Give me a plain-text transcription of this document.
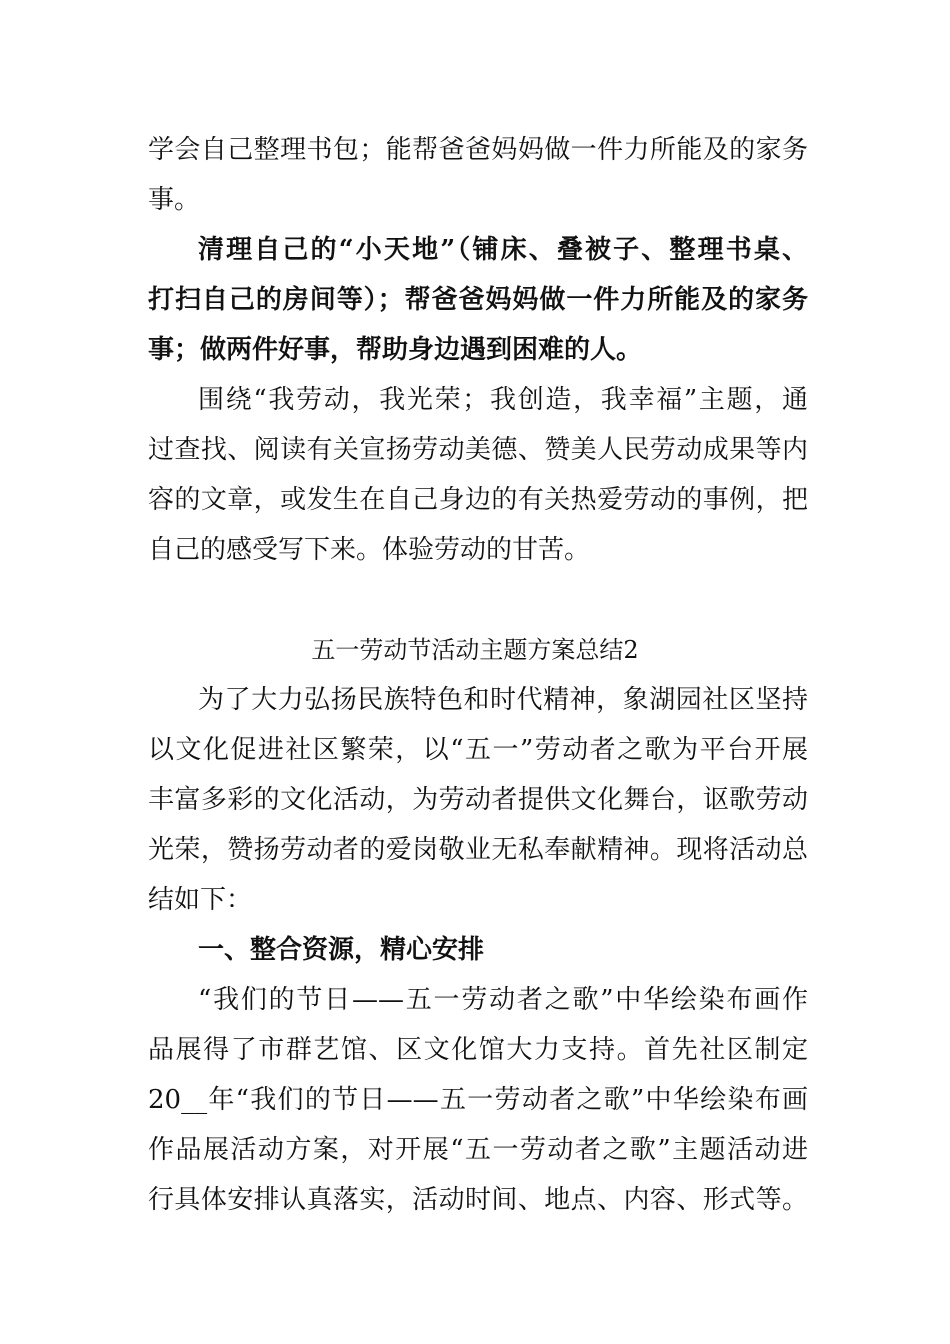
学会自己整理书包；能帮爸爸妈妈做一件力所能及的家务
事。
清理自己的“小天地”（铺床、叠被子、整理书桌、
打扫自己的房间等）；帮爸爸妈妈做一件力所能及的家务
事；做两件好事，帮助身边遇到困难的人。
围绕“我劳动，我光荣；我创造，我幸福”主题，通
过查找、阅读有关宣扬劳动美德、赞美人民劳动成果等内
容的文章，或发生在自己身边的有关热爱劳动的事例，把
自己的感受写下来。体验劳动的甘苦。
五一劳动节活动主题方案总结2
为了大力弘扬民族特色和时代精神，象湖园社区坚持
以文化促进社区繁荣，以“五一”劳动者之歌为平台开展
丰富多彩的文化活动，为劳动者提供文化舞台，讴歌劳动
光荣，赞扬劳动者的爱岗敬业无私奉献精神。现将活动总
结如下：
一、整合资源，精心安排
“我们的节日——五一劳动者之歌”中华绘染布画作
品展得了市群艺馆、区文化馆大力支持。首先社区制定
20__年“我们的节日——五一劳动者之歌”中华绘染布画
作品展活动方案，对开展“五一劳动者之歌”主题活动进
行具体安排认真落实，活动时间、地点、内容、形式等。
